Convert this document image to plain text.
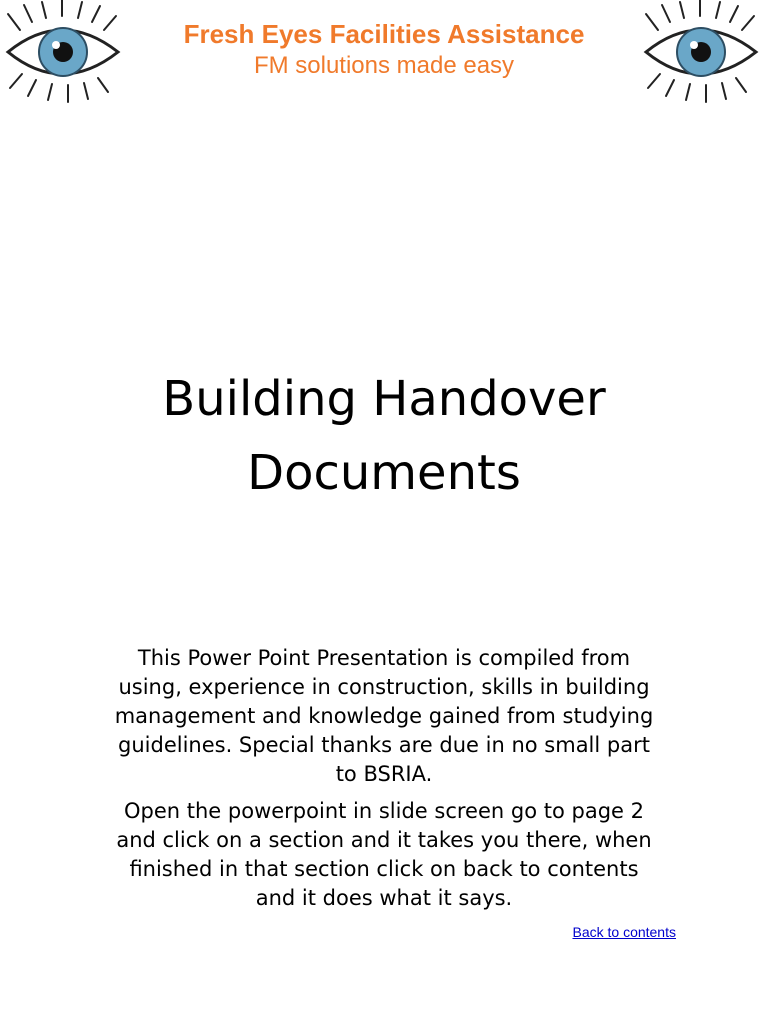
Fresh Eyes Facilities Assistance
FM solutions made easy
Building Handover
Documents

This Power Point Presentation is compiled from using, experience in construction, skills in building management and knowledge gained from studying guidelines. Special thanks are due in no small part to BSRIA.

Open the powerpoint in slide screen go to page 2 and click on a section and it takes you there, when finished in that section click on back to contents and it does what it says.

Back to contents
